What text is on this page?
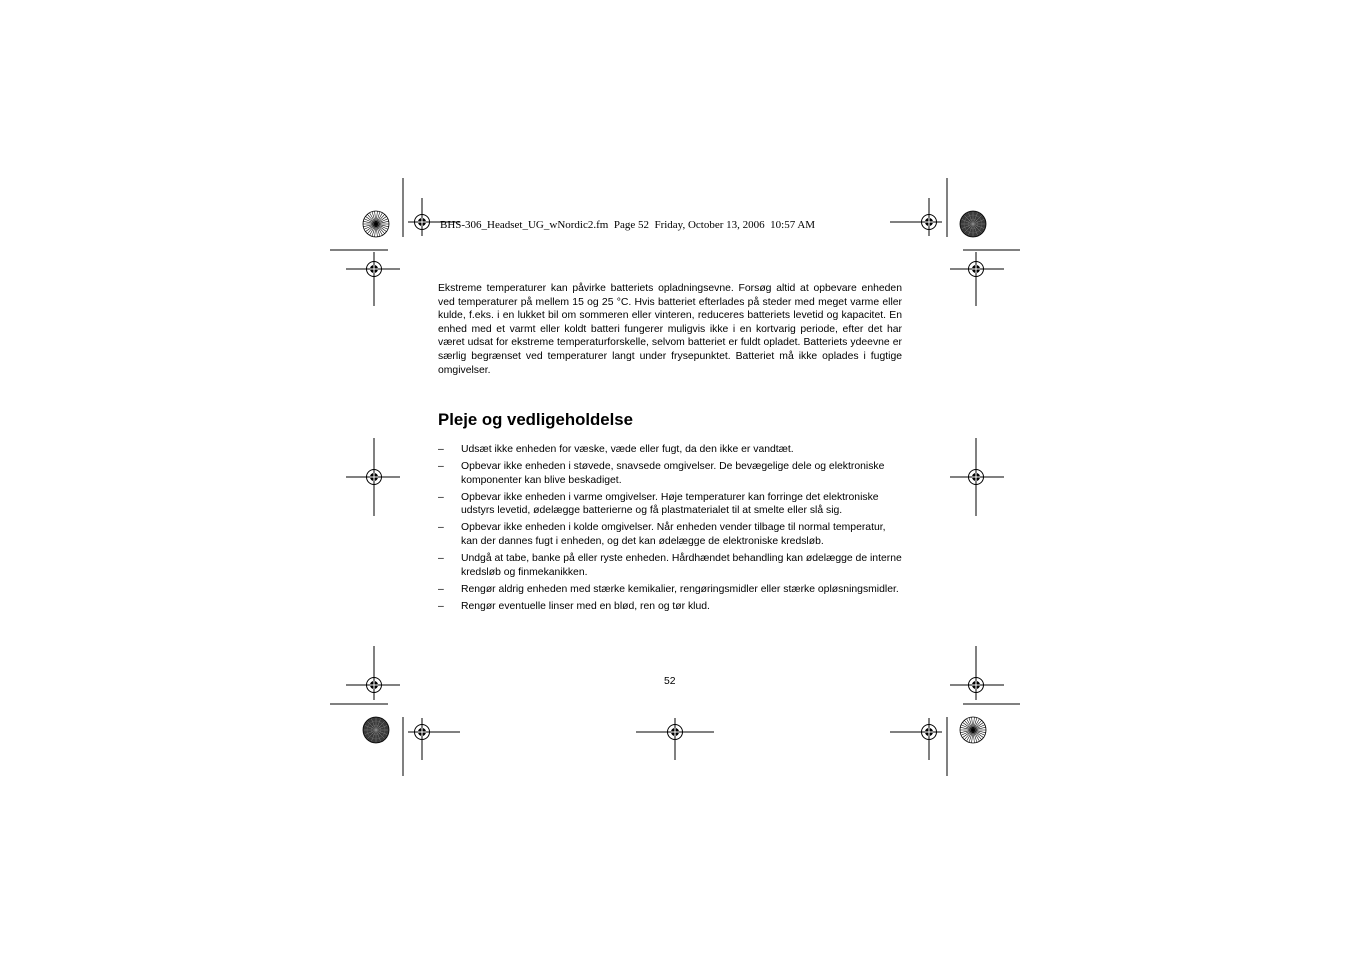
BHS-306_Headset_UG_wNordic2.fm  Page 52  Friday, October 13, 2006  10:57 AM

Ekstreme temperaturer kan påvirke batteriets opladningsevne. Forsøg altid at opbevare enheden ved temperaturer på mellem 15 og 25 °C. Hvis batteriet efterlades på steder med meget varme eller kulde, f.eks. i en lukket bil om sommeren eller vinteren, reduceres batteriets levetid og kapacitet. En enhed med et varmt eller koldt batteri fungerer muligvis ikke i en kortvarig periode, efter det har været udsat for ekstreme temperaturforskelle, selvom batteriet er fuldt opladet. Batteriets ydeevne er særlig begrænset ved temperaturer langt under frysepunktet. Batteriet må ikke oplades i fugtige omgivelser.

Pleje og vedligeholdelse
– Udsæt ikke enheden for væske, væde eller fugt, da den ikke er vandtæt.
– Opbevar ikke enheden i støvede, snavsede omgivelser. De bevægelige dele og elektroniske komponenter kan blive beskadiget.
– Opbevar ikke enheden i varme omgivelser. Høje temperaturer kan forringe det elektroniske udstyrs levetid, ødelægge batterierne og få plastmaterialet til at smelte eller slå sig.
– Opbevar ikke enheden i kolde omgivelser. Når enheden vender tilbage til normal temperatur, kan der dannes fugt i enheden, og det kan ødelægge de elektroniske kredsløb.
– Undgå at tabe, banke på eller ryste enheden. Hårdhændet behandling kan ødelægge de interne kredsløb og finmekanikken.
– Rengør aldrig enheden med stærke kemikalier, rengøringsmidler eller stærke opløsningsmidler.
– Rengør eventuelle linser med en blød, ren og tør klud.
52
